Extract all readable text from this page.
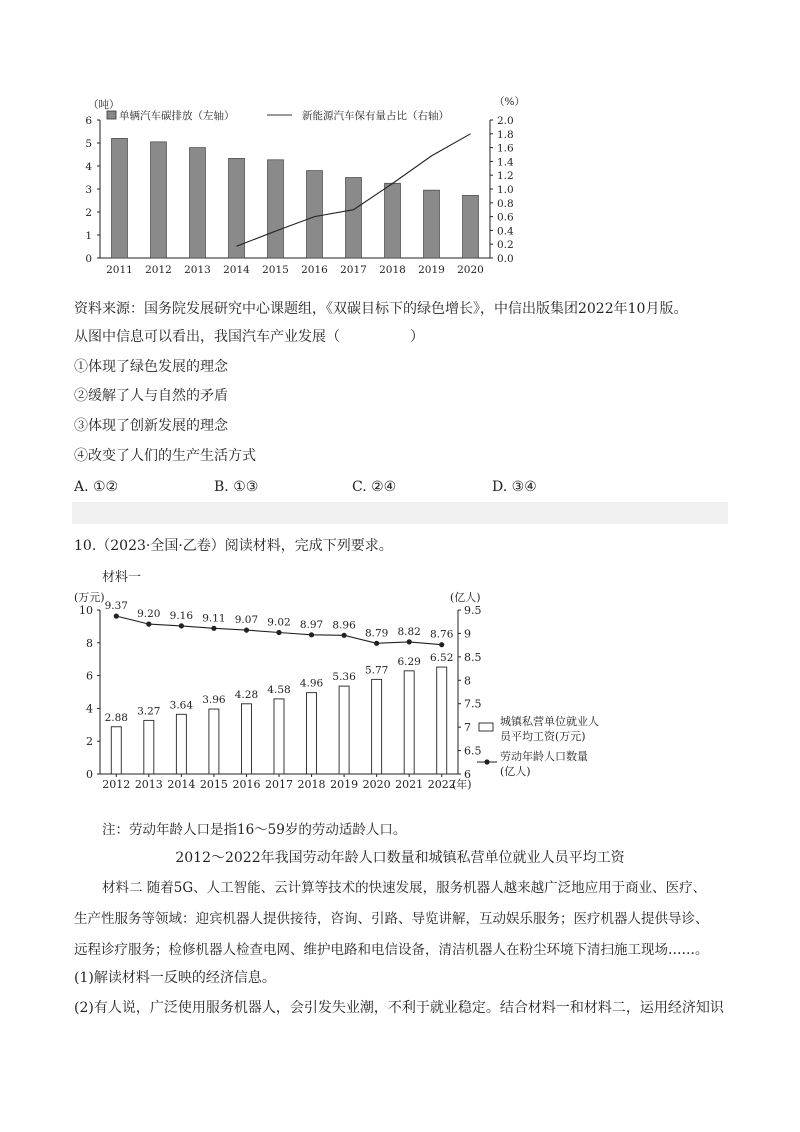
0
1
2
3
4
5
6
0.0
0.2
0.4
0.6
0.8
1.0
1.2
1.4
1.6
1.8
2.0
2011 2012 2013 2014 2015 2016 2017 2018 2019 2020
单辆汽车碳排放（左轴）	新能源汽车保有量占比（右轴）
（吨）	（%）
资料来源：国务院发展研究中心课题组，《双碳目标下的绿色增长》，中信出版集团2022年10月版。
从图中信息可以看出，我国汽车产业发展（　　　　　）
①体现了绿色发展的理念
②缓解了人与自然的矛盾
③体现了创新发展的理念
④改变了人们的生产生活方式
A. ①②	B. ①③	C. ②④	D. ③④
10.（2023·全国·乙卷）阅读材料，完成下列要求。
材料一
0
2
4
6
8
10
6
6.5
7
7.5
8
8.5
9
9.5
2.88
2012
9.37
3.27
2013
9.20
3.64
2014
9.16
3.96
2015
9.11
4.28
2016
9.07
4.58
2017
9.02
4.96
2018
8.97
5.36
2019
8.96
5.77
2020
8.79
6.29
2021
8.82
6.52
2022
8.76
(万元)	(亿人)
(年)
城镇私营单位就业人
员平均工资(万元)
劳动年龄人口数量
(亿人)
注：劳动年龄人口是指16～59岁的劳动适龄人口。
2012～2022年我国劳动年龄人口数量和城镇私营单位就业人员平均工资
材料二 随着5G、人工智能、云计算等技术的快速发展，服务机器人越来越广泛地应用于商业、医疗、
生产性服务等领域：迎宾机器人提供接待，咨询、引路、导览讲解，互动娱乐服务；医疗机器人提供导诊、
远程诊疗服务；检修机器人检查电网、维护电路和电信设备，清洁机器人在粉尘环境下清扫施工现场……。
(1)解读材料一反映的经济信息。
(2)有人说，广泛使用服务机器人，会引发失业潮，不利于就业稳定。结合材料一和材料二，运用经济知识
